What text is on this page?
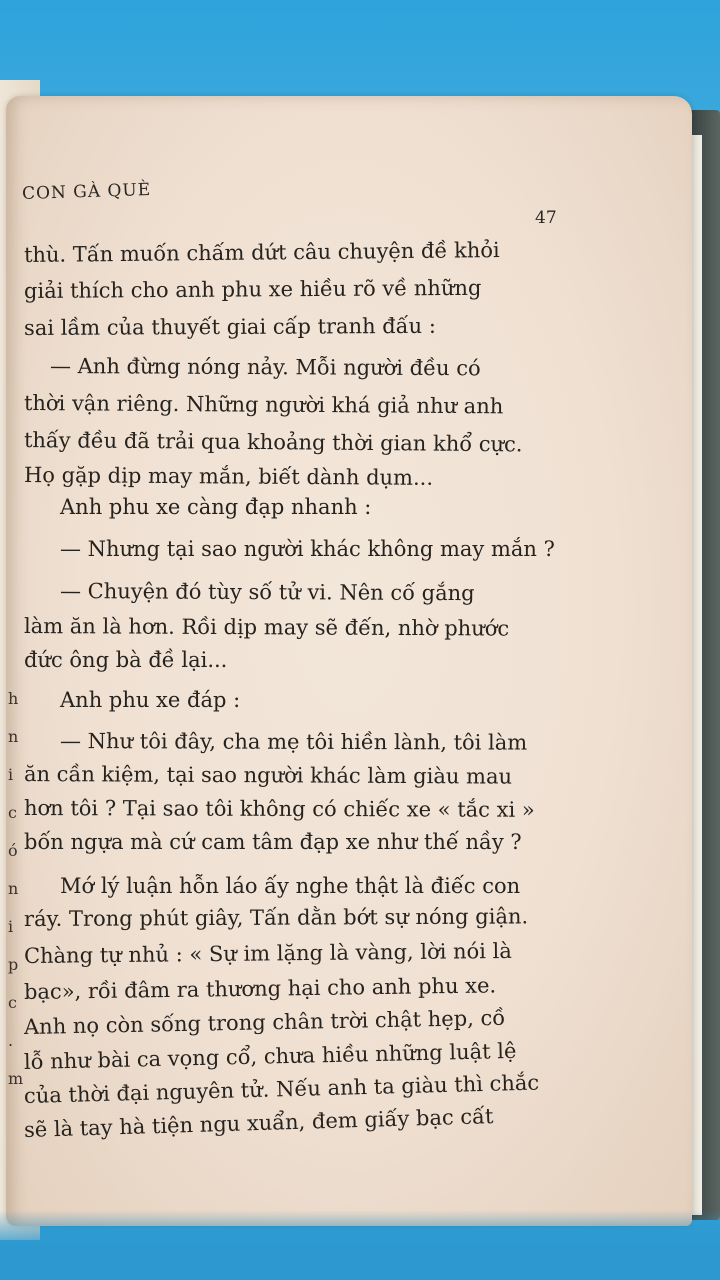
h
n
i
c
ó
n
i
p
c
.
m
CON GÀ QUÈ
47
thù. Tấn muốn chấm dứt câu chuyện đề khỏi
giải thích cho anh phu xe hiều rõ về những
sai lầm của thuyết giai cấp tranh đấu :
— Anh đừng nóng nảy. Mỗi người đều có
thời vận riêng. Những người khá giả như anh
thấy đều đã trải qua khoảng thời gian khổ cực.
Họ gặp dịp may mắn, biết dành dụm...
Anh phu xe càng đạp nhanh :
— Nhưng tại sao người khác không may mắn ?
— Chuyện đó tùy số tử vi. Nên cố gắng
làm ăn là hơn. Rồi dịp may sẽ đến, nhờ phước
đức ông bà đề lại...
Anh phu xe đáp :
— Như tôi đây, cha mẹ tôi hiền lành, tôi làm
ăn cần kiệm, tại sao người khác làm giàu mau
hơn tôi ? Tại sao tôi không có chiếc xe « tắc xi »
bốn ngựa mà cứ cam tâm đạp xe như thế nầy ?
Mớ lý luận hỗn láo ấy nghe thật là điếc con
ráy. Trong phút giây, Tấn dằn bớt sự nóng giận.
Chàng tự nhủ : « Sự im lặng là vàng, lời nói là
bạc», rồi đâm ra thương hại cho anh phu xe.
Anh nọ còn sống trong chân trời chật hẹp, cồ
lỗ như bài ca vọng cổ, chưa hiều những luật lệ
của thời đại nguyên tử. Nếu anh ta giàu thì chắc
sẽ là tay hà tiện ngu xuẩn, đem giấy bạc cất
